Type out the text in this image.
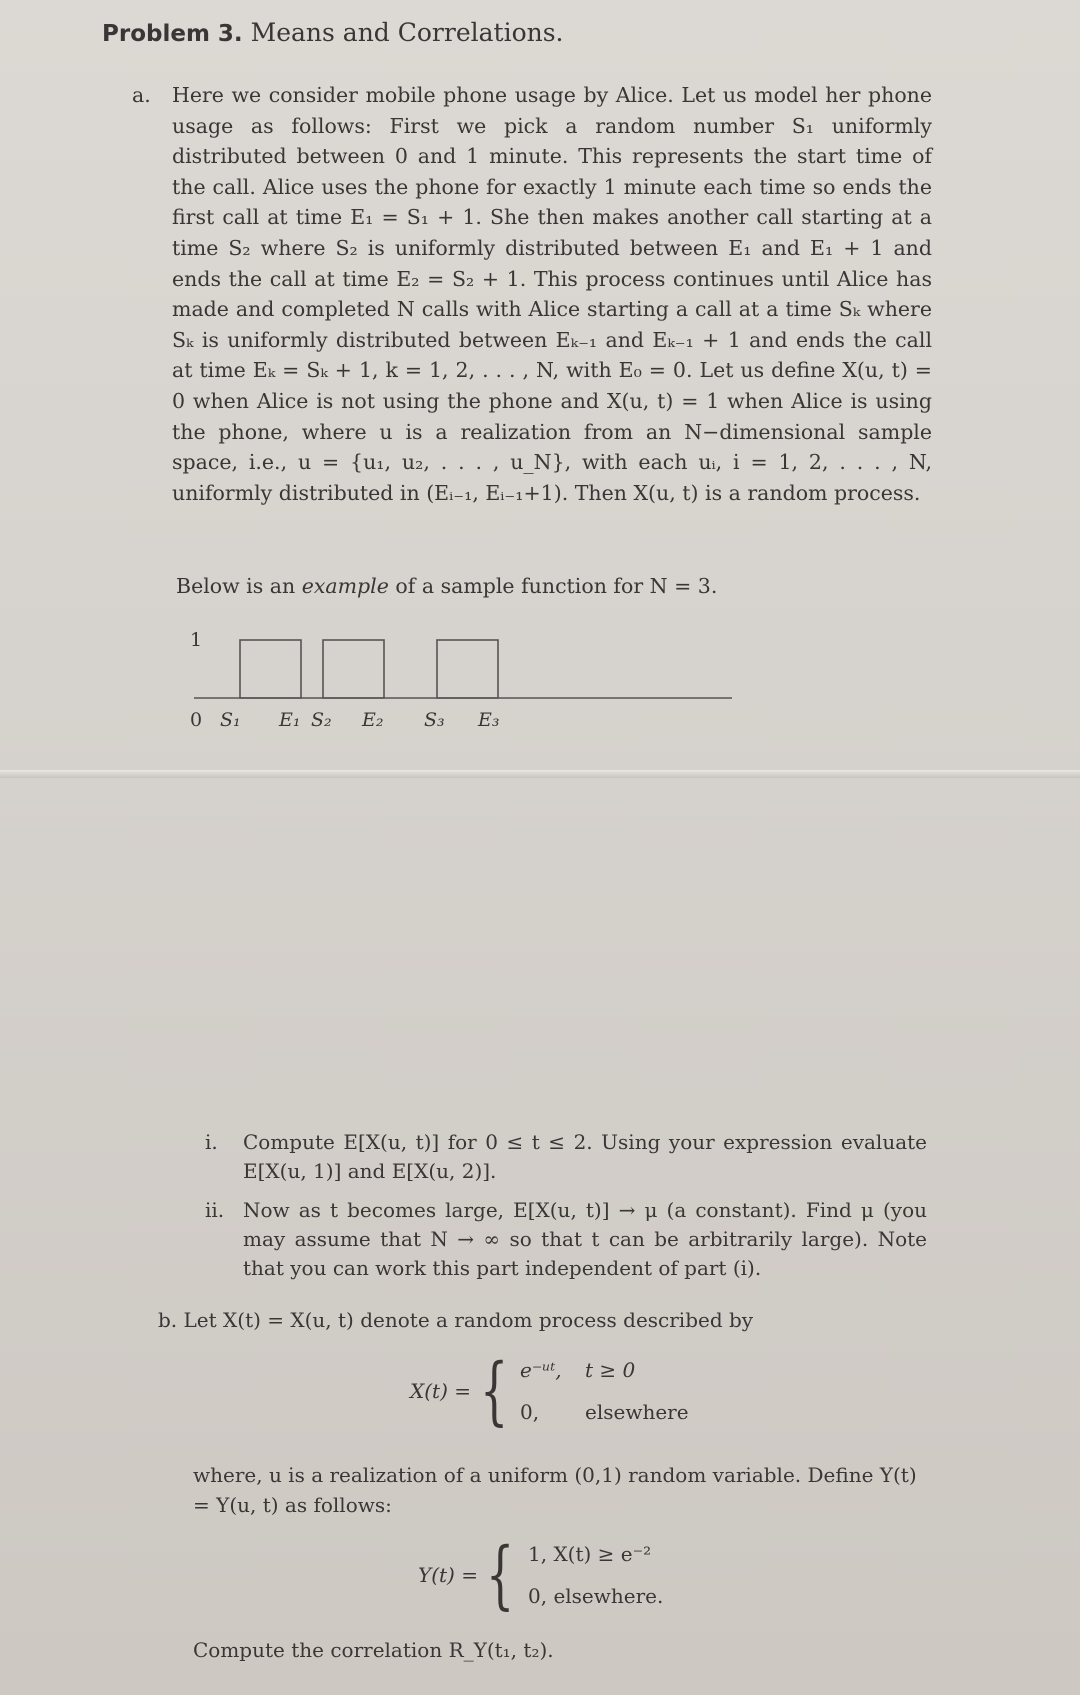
Problem 3. Means and Correlations.
a. Here we consider mobile phone usage by Alice. Let us model her phone usage as follows: First we pick a random number S₁ uniformly distributed between 0 and 1 minute. This represents the start time of the call. Alice uses the phone for exactly 1 minute each time so ends the first call at time E₁ = S₁ + 1. She then makes another call starting at a time S₂ where S₂ is uniformly distributed between E₁ and E₁ + 1 and ends the call at time E₂ = S₂ + 1. This process continues until Alice has made and completed N calls with Alice starting a call at a time Sₖ where Sₖ is uniformly distributed between Eₖ₋₁ and Eₖ₋₁ + 1 and ends the call at time Eₖ = Sₖ + 1, k = 1, 2, . . . , N, with E₀ = 0. Let us define X(u, t) = 0 when Alice is not using the phone and X(u, t) = 1 when Alice is using the phone, where u is a realization from an N−dimensional sample space, i.e., u = {u₁, u₂, . . . , u_N}, with each uᵢ, i = 1, 2, . . . , N, uniformly distributed in (Eᵢ₋₁, Eᵢ₋₁+1). Then X(u, t) is a random process.
Below is an example of a sample function for N = 3.
1
0 S₁ E₁ S₂ E₂ S₃ E₃
i. Compute E[X(u, t)] for 0 ≤ t ≤ 2. Using your expression evaluate E[X(u, 1)] and E[X(u, 2)].
ii. Now as t becomes large, E[X(u, t)] → μ (a constant). Find μ (you may assume that N → ∞ so that t can be arbitrarily large). Note that you can work this part independent of part (i).
b. Let X(t) = X(u, t) denote a random process described by
X(t) = { e⁻ᵘᵗ, t ≥ 0
0, elsewhere
where, u is a realization of a uniform (0,1) random variable. Define Y(t) = Y(u, t) as follows:
Y(t) = { 1, X(t) ≥ e⁻²
0, elsewhere.
Compute the correlation R_Y(t₁, t₂).
